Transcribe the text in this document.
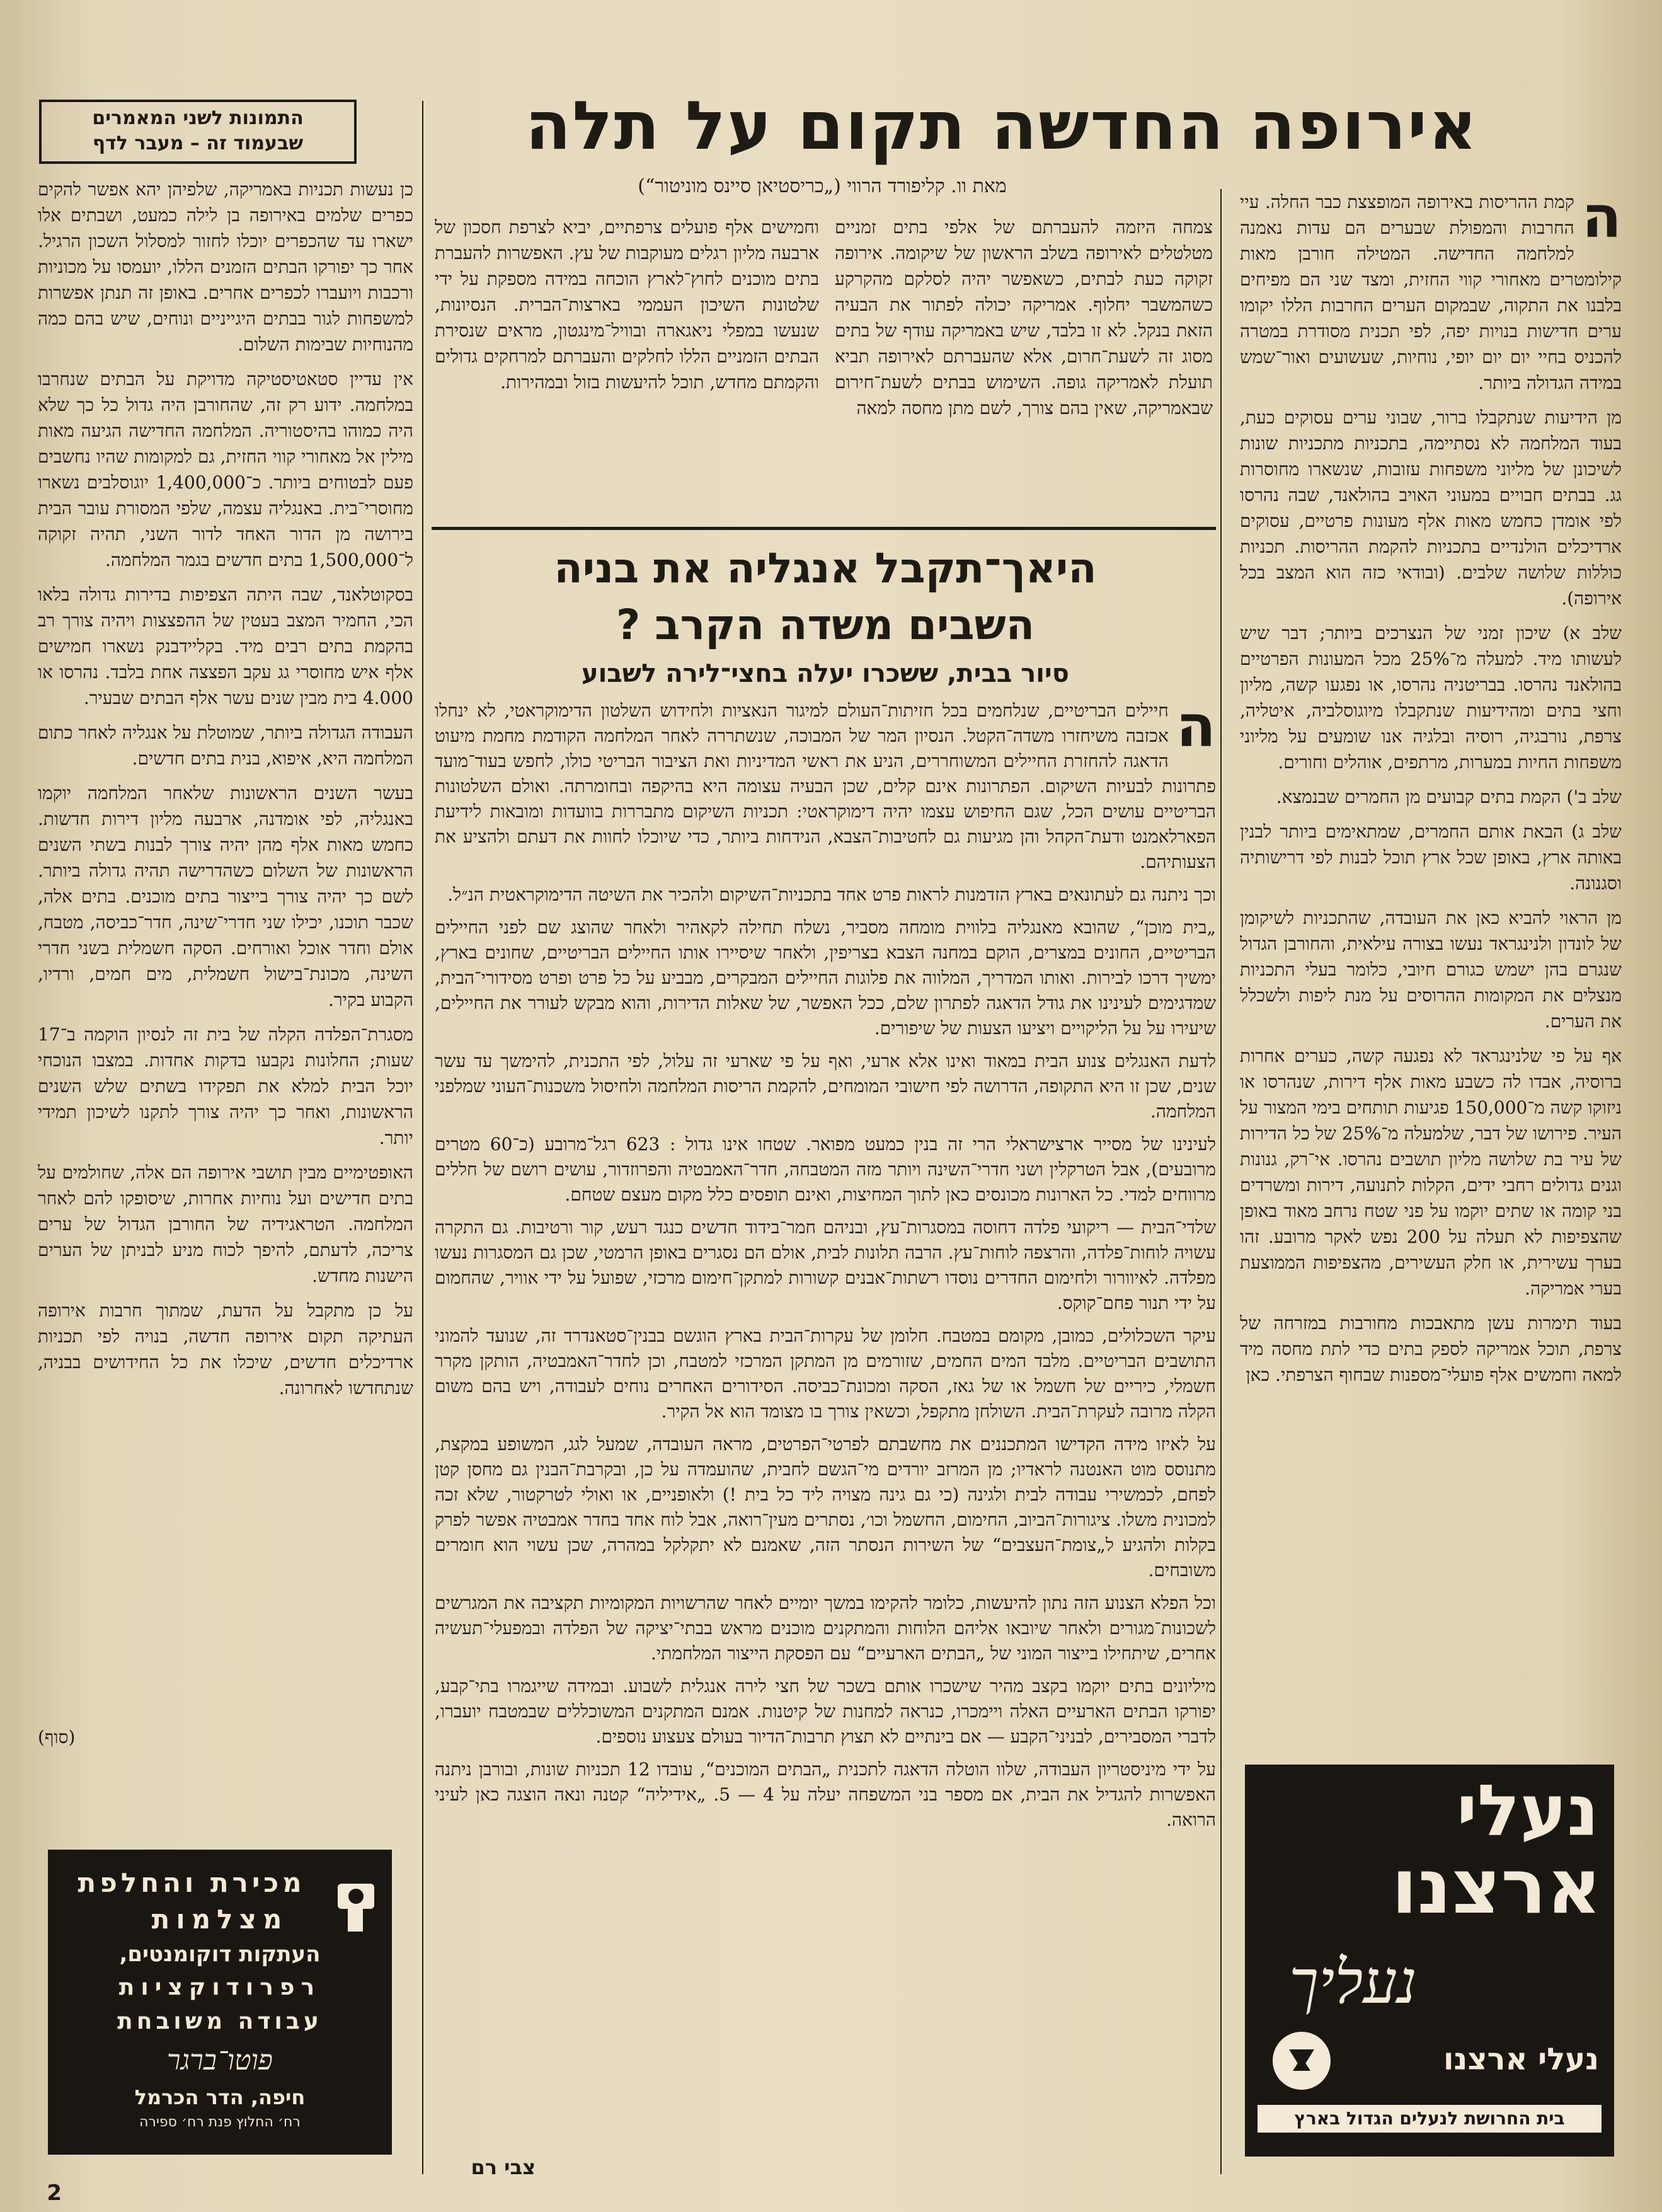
התמונות לשני המאמרים
שבעמוד זה – מעבר לדף	אירופה החדשה תקום על תלה
מאת וו. קליפורד הרווי („כריסטיאן סיינס מוניטור“)	ה
קמת ההריסות באירופה המופצצת כבר החלה. עיי החרבות והמפולת שבערים הם עדות נאמנה למלחמה החדישה. המטילה חורבן מאות קילומטרים מאחורי קווי החזית, ומצד שני הם מפיחים בלבנו את התקוה, שבמקום הערים החרבות הללו יקומו ערים חדישות בנויות יפה, לפי תכנית מסודרת במטרה להכניס בחיי יום יום יופי, נוחיות, שעשועים ואור־שמש במידה הגדולה ביותר.

מן הידיעות שנתקבלו ברור, שבוני ערים עסוקים כעת, בעוד המלחמה לא נסתיימה, בתכניות מתכניות שונות לשיכונן של מליוני משפחות עזובות, שנשארו מחוסרות גג. בבתים חבויים במעוני האויב בהולאנד, שבה נהרסו לפי אומדן כחמש מאות אלף מעונות פרטיים, עסוקים ארדיכלים הולנדיים בתכניות להקמת ההריסות. תכניות כוללות שלושה שלבים. (ובודאי כזה הוא המצב בכל אירופה).

שלב א) שיכון זמני של הנצרכים ביותר; דבר שיש לעשותו מיד. למעלה מ־25% מכל המעונות הפרטיים בהולאנד נהרסו. בבריטניה נהרסו, או נפגעו קשה, מליון וחצי בתים ומהידיעות שנתקבלו מיוגוסלביה, איטליה, צרפת, נורבגיה, רוסיה ובלגיה אנו שומעים על מליוני משפחות החיות במערות, מרתפים, אוהלים וחורים.

שלב ב') הקמת בתים קבועים מן החמרים שבנמצא.

שלב ג) הבאת אותם החמרים, שמתאימים ביותר לבנין באותה ארץ, באופן שכל ארץ תוכל לבנות לפי דרישותיה וסגנונה.

מן הראוי להביא כאן את העובדה, שהתכניות לשיקומן של לונדון ולנינגראד נעשו בצורה עילאית, והחורבן הגדול שנגרם בהן ישמש כגורם חיובי, כלומר בעלי התכניות מנצלים את המקומות ההרוסים על מנת ליפות ולשכלל את הערים.

אף על פי שלנינגראד לא נפגעה קשה, כערים אחרות ברוסיה, אבדו לה כשבע מאות אלף דירות, שנהרסו או ניזוקו קשה מ־150,000 פגיעות תותחים בימי המצור על העיר. פירושו של דבר, שלמעלה מ־25% של כל הדירות של עיר בת שלושה מליון תושבים נהרסו. אי־רק, גנונות וגנים גדולים רחבי ידים, הקלות לתנועה, דירות ומשרדים בני קומה או שתים יוקמו על פני שטח נרחב מאוד באופן שהצפיפות לא תעלה על 200 נפש לאקר מרובע. זהו בערך עשירית, או חלק העשירים, מהצפיפות הממוצעת בערי אמריקה.

בעוד תימרות עשן מתאבכות מחורבות במזרחה של צרפת, תוכל אמריקה לספק בתים כדי לתת מחסה מיד למאה וחמשים אלף פועלי־מספנות שבחוף הצרפתי. כאן

צמחה היזמה להעברתם של אלפי בתים זמניים מטלטלים לאירופה בשלב הראשון של שיקומה. אירופה זקוקה כעת לבתים, כשאפשר יהיה לסלקם מהקרקע כשהמשבר יחלוף. אמריקה יכולה לפתור את הבעיה הזאת בנקל. לא זו בלבד, שיש באמריקה עודף של בתים מסוג זה לשעת־חרום, אלא שהעברתם לאירופה תביא תועלת לאמריקה גופה. השימוש בבתים לשעת־חירום שבאמריקה, שאין בהם צורך, לשם מתן מחסה למאה

וחמישים אלף פועלים צרפתיים, יביא לצרפת חסכון של ארבעה מליון רגלים מעוקבות של עץ. האפשרות להעברת בתים מוכנים לחוץ־לארץ הוכחה במידה מספקת על ידי שלטונות השיכון העממי בארצות־הברית. הנסיונות, שנעשו במפלי ניאגארה ובוויל־מינגטון, מראים שנסירת הבתים הזמניים הללו לחלקים והעברתם למרחקים גדולים והקמתם מחדש, תוכל להיעשות בזול ובמהירות.

היאך־תקבל אנגליה את בניה
השבים משדה הקרב ?
סיור בבית, ששכרו יעלה בחצי־לירה לשבוע

ה
חיילים הבריטיים, שנלחמים בכל חזיתות־העולם למיגור הנאציות ולחידוש השלטון הדימוקראטי, לא ינחלו אכזבה משיחזרו משדה־הקטל. הנסיון המר של המבוכה, שנשתררה לאחר המלחמה הקודמת מחמת מיעוט הדאגה להחזרת החיילים המשוחררים, הניע את ראשי המדיניות ואת הציבור הבריטי כולו, לחפש בעוד־מועד פתרונות לבעיות השיקום. הפתרונות אינם קלים, שכן הבעיה עצומה היא בהיקפה ובחומרתה. ואולם השלטונות הבריטיים עושים הכל, שגם החיפוש עצמו יהיה דימוקראטי: תכניות השיקום מתבררות בוועדות ומובאות לידיעת הפארלאמנט ודעת־הקהל והן מגיעות גם לחטיבות־הצבא, הנידחות ביותר, כדי שיוכלו לחוות את דעתם ולהציע את הצעותיהם.

וכך ניתנה גם לעתונאים בארץ הזדמנות לראות פרט אחד בתכניות־השיקום ולהכיר את השיטה הדימוקראטית הנ״ל.

„בית מוכן“, שהובא מאנגליה בלווית מומחה מסביר, נשלח תחילה לקאהיר ולאחר שהוצג שם לפני החיילים הבריטיים, החונים במצרים, הוקם במחנה הצבא בצריפין, ולאחר שיסיירו אותו החיילים הבריטיים, שחונים בארץ, ימשיך דרכו לבירות. ואותו המדריך, המלווה את פלוגות החיילים המבקרים, מבביע על כל פרט ופרט מסידורי־הבית, שמדגימים לעינינו את גודל הדאגה לפתרון שלם, ככל האפשר, של שאלות הדירות, והוא מבקש לעורר את החיילים, שיעירו על על הליקויים ויציעו הצעות של שיפורים.

לדעת האנגלים צנוע הבית במאוד ואינו אלא ארעי, ואף על פי שארעי זה עלול, לפי התכנית, להימשך עד עשר שנים, שכן זו היא התקופה, הדרושה לפי חישובי המומחים, להקמת הריסות המלחמה ולחיסול משכנות־העוני שמלפני המלחמה.

לעינינו של מסייר ארצישראלי הרי זה בנין כמעט מפואר. שטחו אינו גדול : 623 רגל־מרובע (כ־60 מטרים מרובעים), אבל הטרקלין ושני חדרי־השינה ויותר מזה המטבחה, חדר־האמבטיה והפרוזדור, עושים רושם של חללים מרווחים למדי. כל הארונות מכונסים כאן לתוך המחיצות, ואינם תופסים כלל מקום מעצם שטחם.

שלדי־הבית — ריקועי פלדה דחוסה במסגרות־עץ, ובניהם חמר־בידוד חדשים כנגד רעש, קור ורטיבות. גם התקרה עשויה לוחות־פלדה, והרצפה לוחות־עץ. הרבה תלונות לבית, אולם הם נסגרים באופן הרמטי, שכן גם המסגרות נעשו מפלדה. לאיוורור ולחימום החדרים נוסדו רשתות־אבנים קשורות למתקן־חימום מרכזי, שפועל על ידי אוויר, שהחמום על ידי תנור פחם־קוקס.

עיקר השכלולים, כמובן, מקומם במטבח. חלומן של עקרות־הבית בארץ הוגשם בבנין־סטאנדרד זה, שנועד להמוני התושבים הבריטיים. מלבד המים החמים, שזורמים מן המתקן המרכזי למטבח, וכן לחדר־האמבטיה, הותקן מקרר חשמלי, כיריים של חשמל או של גאז, הסקה ומכונת־כביסה. הסידורים האחרים נוחים לעבודה, ויש בהם משום הקלה מרובה לעקרת־הבית. השולחן מתקפל, וכשאין צורך בו מצומד הוא אל הקיר.

על לאיזו מידה הקדישו המתכננים את מחשבתם לפרטי־הפרטים, מראה העובדה, שמעל לגג, המשופע במקצת, מתנוסס מוט האנטנה לראדיו; מן המרזב יורדים מי־הגשם לחבית, שהועמדה על כן, ובקרבת־הבנין גם מחסן קטן לפחם, לכמשירי עבודה לבית ולגינה (כי גם גינה מצויה ליד כל בית !) ולאופניים, או ואולי לטרקטור, שלא זכה למכונית משלו. ציגורות־הביוב, החימום, החשמל וכו׳, נסתרים מעין־רואה, אבל לוח אחד בחדר אמבטיה אפשר לפרק בקלות ולהגיע ל„צומת־העצבים“ של השירות הנסתר הזה, שאמנם לא יתקלקל במהרה, שכן עשוי הוא חומרים משובחים.

וכל הפלא הצנוע הזה נתון להיעשות, כלומר להקימו במשך יומיים לאחר שהרשויות המקומיות תקציבה את המגרשים לשכונות־מגורים ולאחר שיובאו אליהם הלוחות והמתקנים מוכנים מראש בבתי־יציקה של הפלדה ובמפעלי־תעשיה אחרים, שיתחילו בייצור המוני של „הבתים הארעיים“ עם הפסקת הייצור המלחמתי.

מיליונים בתים יוקמו בקצב מהיר שישכרו אותם בשכר של חצי לירה אנגלית לשבוע. ובמידה שייגמרו בתי־קבע, יפורקו הבתים הארעיים האלה ויימכרו, כנראה למחנות של קיטנות. אמנם המתקנים המשוכללים שבמטבח יועברו, לדברי המסבירים, לבניני־הקבע — אם בינתיים לא תצוץ תרבות־הדיור בעולם צעצוע נוספים.

על ידי מיניסטריון העבודה, שלוו הוטלה הדאגה לתכנית „הבתים המוכנים“, עובדו 12 תכניות שונות, ובורבן ניתנה האפשרות להגדיל את הבית, אם מספר בני המשפחה יעלה על 4 — 5. „אידיליה“ קטנה ונאה הוצגה כאן לעיני הרואה.

צבי רם

כן נעשות תכניות באמריקה, שלפיהן יהא אפשר להקים כפרים שלמים באירופה בן לילה כמעט, ושבתים אלו ישארו עד שהכפרים יוכלו לחזור למסלול השכון הרגיל. אחר כך יפורקו הבתים הזמנים הללו, יועמסו על מכוניות ורכבות ויועברו לכפרים אחרים. באופן זה תנתן אפשרות למשפחות לגור בבתים היגייניים ונוחים, שיש בהם כמה מהנוחיות שבימות השלום.

אין עדיין סטאטיסטיקה מדויקת על הבתים שנחרבו במלחמה. ידוע רק זה, שהחורבן היה גדול כל כך שלא היה כמוהו בהיסטוריה. המלחמה החדישה הגיעה מאות מילין אל מאחורי קווי החזית, גם למקומות שהיו נחשבים פעם לבטוחים ביותר. כ־1,400,000 יוגוסלבים נשארו מחוסרי־בית. באנגליה עצמה, שלפי המסורת עובר הבית בירושה מן הדור האחד לדור השני, תהיה זקוקה ל־1,500,000 בתים חדשים בגמר המלחמה.

בסקוטלאנד, שבה היתה הצפיפות בדירות גדולה בלאו הכי, החמיר המצב בעטין של ההפצצות ויהיה צורך רב בהקמת בתים רבים מיד. בקליידבנק נשארו חמישים אלף איש מחוסרי גג עקב הפצצה אחת בלבד. נהרסו או 4.000 בית מבין שנים עשר אלף הבתים שבעיר.

העבודה הגדולה ביותר, שמוטלת על אנגליה לאחר כתום המלחמה היא, איפוא, בנית בתים חדשים.

בעשר השנים הראשונות שלאחר המלחמה יוקמו באנגליה, לפי אומדנה, ארבעה מליון דירות חדשות. כחמש מאות אלף מהן יהיה צורך לבנות בשתי השנים הראשונות של השלום כשהדרישה תהיה גדולה ביותר. לשם כך יהיה צורך בייצור בתים מוכנים. בתים אלה, שכבר תוכנו, יכילו שני חדרי־שינה, חדר־כביסה, מטבח, אולם וחדר אוכל ואורחים. הסקה חשמלית בשני חדרי השינה, מכונת־בישול חשמלית, מים חמים, ורדיו, הקבוע בקיר.

מסגרת־הפלדה הקלה של בית זה לנסיון הוקמה ב־17 שעות; החלונות נקבעו בדקות אחדות. במצבו הנוכחי יוכל הבית למלא את תפקידו בשתים שלש השנים הראשונות, ואחר כך יהיה צורך לתקנו לשיכון תמידי יותר.

האופטימיים מבין תושבי אירופה הם אלה, שחולמים על בתים חדישים ועל נוחיות אחרות, שיסופקו להם לאחר המלחמה. הטראגידיה של החורבן הגדול של ערים צריכה, לדעתם, להיפך לכוח מניע לבניתן של הערים הישנות מחדש.

על כן מתקבל על הדעת, שמתוך חרבות אירופה העתיקה תקום אירופה חדשה, בנויה לפי תכניות ארדיכלים חדשים, שיכלו את כל החידושים בבניה, שנתחדשו לאחרונה.

(סוף)
מכירת והחלפת
מצלמות
העתקות דוקומנטים,
רפרודוקציות
עבודה משובחת
פוטו־ברגר
חיפה, הדר הכרמל
רח׳ החלוץ פנת רח׳ ספירה
נעלי
ארצנו
נעליך
נעלי ארצנו
בית החרושת לנעלים הגדול בארץ
2
